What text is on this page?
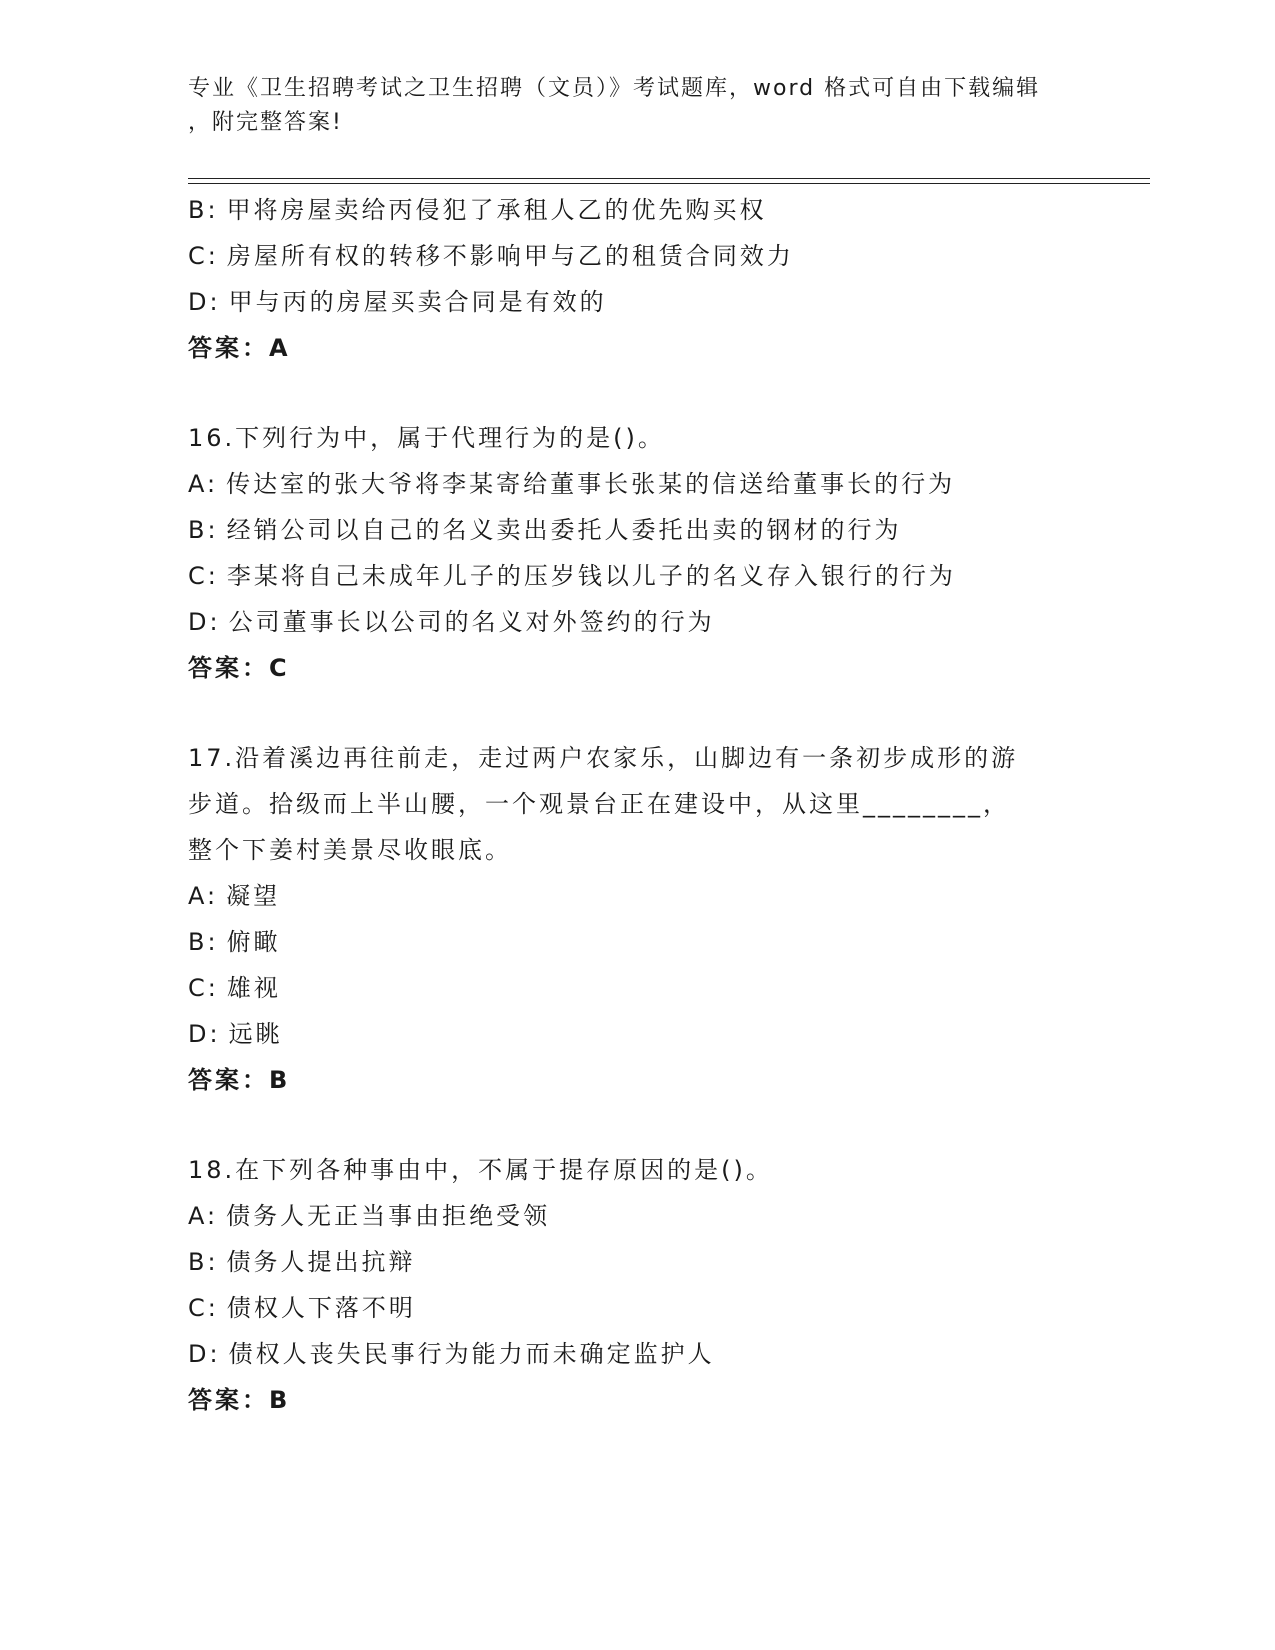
专业《卫生招聘考试之卫生招聘（文员）》考试题库，word 格式可自由下载编辑
，附完整答案!
B: 甲将房屋卖给丙侵犯了承租人乙的优先购买权
C: 房屋所有权的转移不影响甲与乙的租赁合同效力
D: 甲与丙的房屋买卖合同是有效的
答案：A
16.下列行为中，属于代理行为的是()。
A: 传达室的张大爷将李某寄给董事长张某的信送给董事长的行为
B: 经销公司以自己的名义卖出委托人委托出卖的钢材的行为
C: 李某将自己未成年儿子的压岁钱以儿子的名义存入银行的行为
D: 公司董事长以公司的名义对外签约的行为
答案：C
17.沿着溪边再往前走，走过两户农家乐，山脚边有一条初步成形的游
步道。拾级而上半山腰，一个观景台正在建设中，从这里________，
整个下姜村美景尽收眼底。
A: 凝望
B: 俯瞰
C: 雄视
D: 远眺
答案：B
18.在下列各种事由中，不属于提存原因的是()。
A: 债务人无正当事由拒绝受领
B: 债务人提出抗辩
C: 债权人下落不明
D: 债权人丧失民事行为能力而未确定监护人
答案：B
